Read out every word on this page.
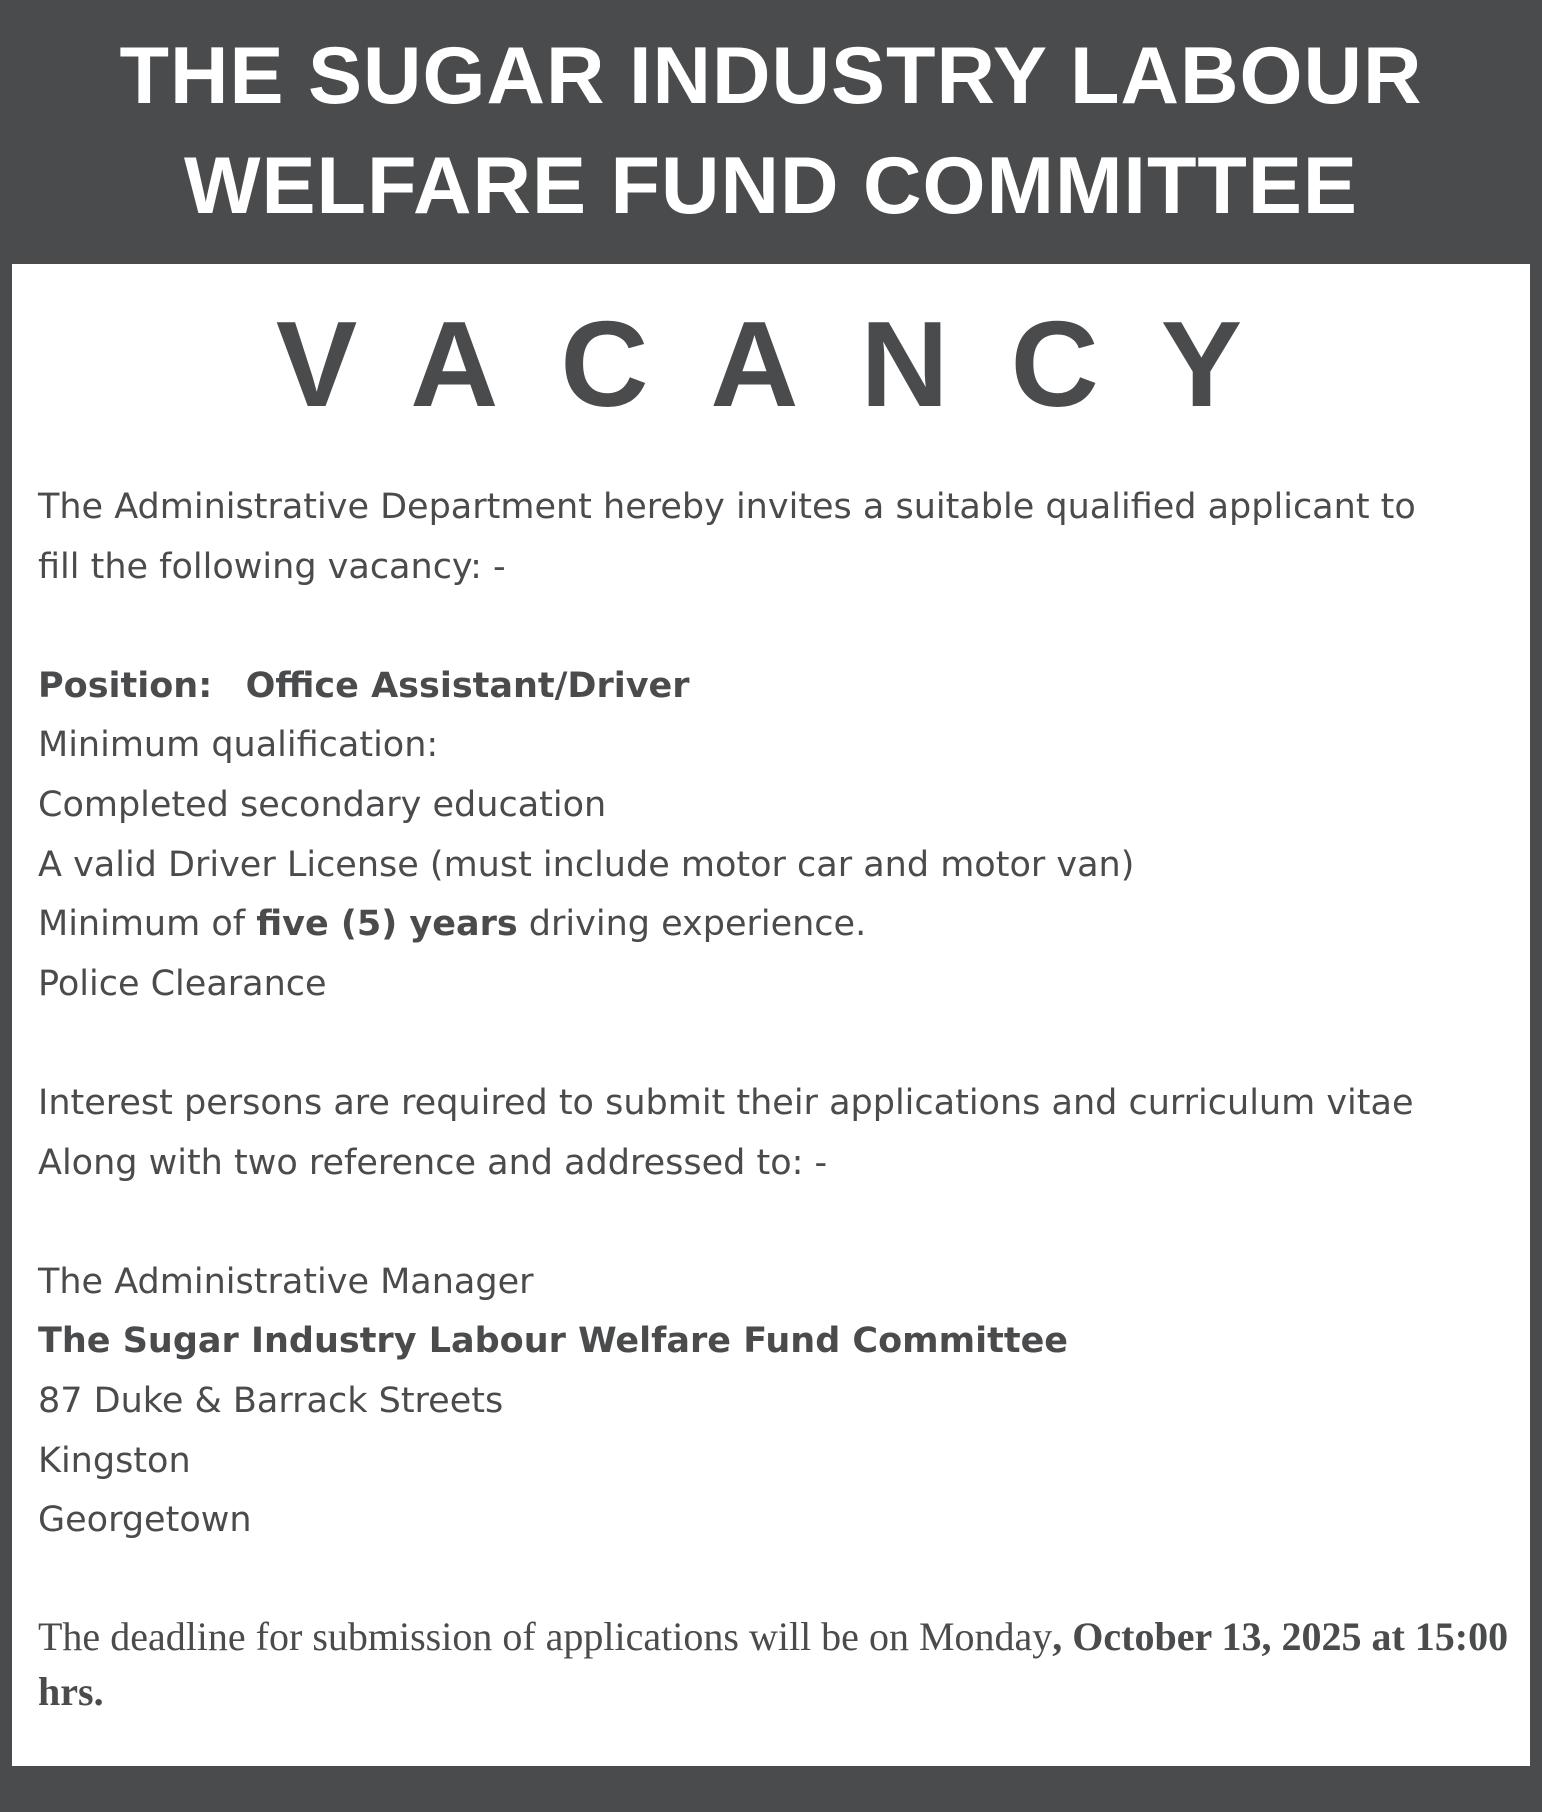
THE SUGAR INDUSTRY LABOUR
WELFARE FUND COMMITTEE
VACANCY
The Administrative Department hereby invites a suitable qualified applicant to
fill the following vacancy: -
Position: Office Assistant/Driver
Minimum qualification:
Completed secondary education
A valid Driver License (must include motor car and motor van)
Minimum of five (5) years driving experience.
Police Clearance
Interest persons are required to submit their applications and curriculum vitae
Along with two reference and addressed to: -
The Administrative Manager
The Sugar Industry Labour Welfare Fund Committee
87 Duke & Barrack Streets
Kingston
Georgetown
The deadline for submission of applications will be on Monday, October 13, 2025 at 15:00 hrs.
